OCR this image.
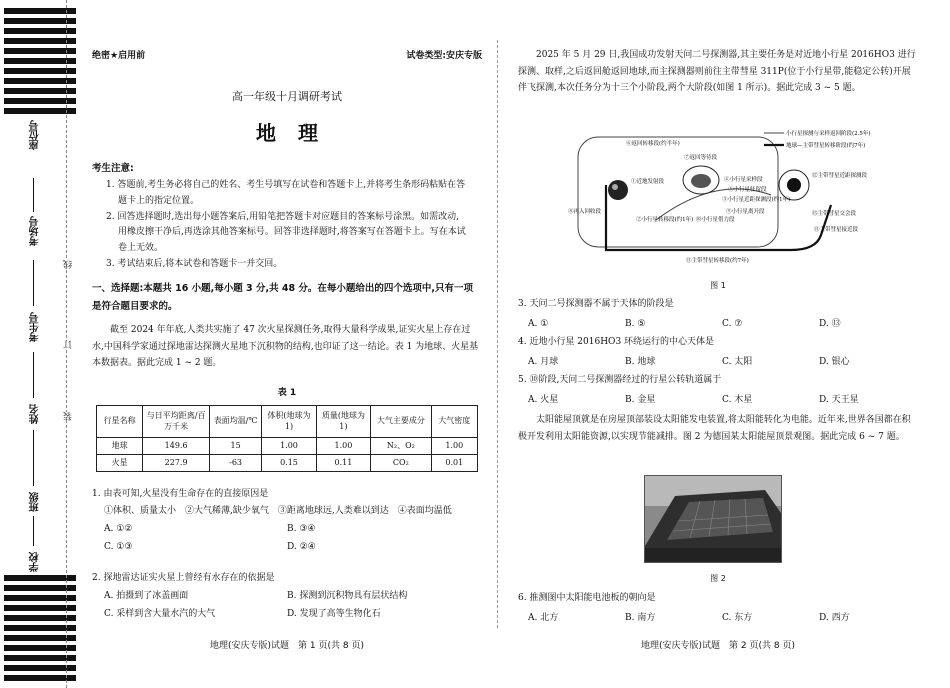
座位号
考场号
考生号
姓名
班级
学校
线
订
装
绝密★启用前	试卷类型:安庆专版
高一年级十月调研考试
地理
考生注意:
1. 答题前,考生务必将自己的姓名、考生号填写在试卷和答题卡上,并将考生条形码粘贴在答题卡上的指定位置。
2. 回答选择题时,选出每小题答案后,用铅笔把答题卡对应题目的答案标号涂黑。如需改动,用橡皮擦干净后,再选涂其他答案标号。回答非选择题时,将答案写在答题卡上。写在本试卷上无效。
3. 考试结束后,将本试卷和答题卡一并交回。
一、选择题:本题共 16 小题,每小题 3 分,共 48 分。在每小题给出的四个选项中,只有一项是符合题目要求的。
截至 2024 年年底,人类共实施了 47 次火星探测任务,取得大量科学成果,证实火星上存在过水,中国科学家通过探地雷达探测火星地下沉积物的结构,也印证了这一结论。表 1 为地球、火星基本数据表。据此完成 1 ~ 2 题。
表 1
行星名称	与日平均距离/百万千米	表面均温/℃	体积(地球为 1)	质量(地球为 1)	大气主要成分	大气密度
地球	149.6	15	1.00	1.00	N₂、O₂	1.00
火星	227.9	-63	0.15	0.11	CO₂	0.01
1. 由表可知,火星没有生命存在的直接原因是
①体积、质量太小　②大气稀薄,缺少氧气　③距离地球远,人类难以到达　④表面均温低
A. ①②	B. ③④
C. ①③	D. ②④
2. 探地雷达证实火星上曾经有水存在的依据是
A. 拍摄到了冰盖画面	B. 探测到沉积物具有层状结构
C. 采样到含大量水汽的大气	D. 发现了高等生物化石
地理(安庆专版)试题　第 1 页(共 8 页)
2025 年 5 月 29 日,我国成功发射天问二号探测器,其主要任务是对近地小行星 2016HO3 进行探测、取样,之后返回舱返回地球,而主探测器则前往主带彗星 311P(位于小行星带,能稳定公转)开展伴飞探测,本次任务分为十三个小阶段,两个大阶段(如图 1 所示)。据此完成 3 ~ 5 题。
小行星探测与采样返回阶段(2.5年)
地球—主带彗星转移阶段(约7年)
⑥返回转移段(约半年)
⑦返回等待段
①近地发射段
⑧再入回收段
④小行星采样段
⑤小行星驻留段
③小行星近距探测段(约1年)
⑨小行星离开段
②小行星转移段(约1年) ⑩小行星借力段
⑪主带彗星转移段(约7年)
⑫主带彗星近距探测段
⑬主带彗星交会段
⑪主带彗星接近段
图 1
3. 天问二号探测器不属于天体的阶段是
A. ①	B. ⑤	C. ⑦	D. ⑬
4. 近地小行星 2016HO3 环绕运行的中心天体是
A. 月球	B. 地球	C. 太阳	D. 银心
5. ⑩阶段,天问二号探测器经过的行星公转轨道属于
A. 火星	B. 金星	C. 木星	D. 天王星
太阳能屋顶就是在房屋顶部装设太阳能发电装置,将太阳能转化为电能。近年来,世界各国都在积极开发利用太阳能资源,以实现节能减排。图 2 为德国某太阳能屋顶景观图。据此完成 6 ~ 7 题。
图 2
6. 推测图中太阳能电池板的朝向是
A. 北方	B. 南方	C. 东方	D. 西方
地理(安庆专版)试题　第 2 页(共 8 页)
